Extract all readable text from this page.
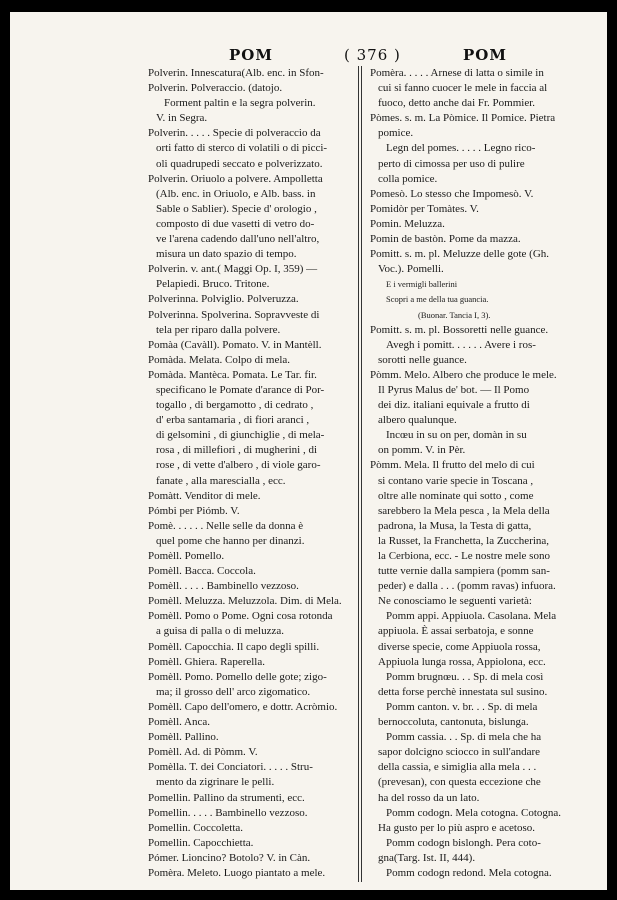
POM	( 376 )	POM
Polverin. Innescatura(Alb. enc. in Sfon-
Polverin. Polveraccio. (datojo.
Forment paltin e la segra polverin.
V. in Segra.
Polverin. . . . . Specie di polveraccio da
orti fatto di sterco di volatili o di picci-
oli quadrupedi seccato e polverizzato.
Polverin. Oriuolo a polvere. Ampolletta
(Alb. enc. in Oriuolo, e Alb. bass. in
Sable o Sablier). Specie d' orologio ,
composto di due vasetti di vetro do-
ve l'arena cadendo dall'uno nell'altro,
misura un dato spazio di tempo.
Polverin. v. ant.( Maggi Op. I, 359) —
Pelapiedi. Bruco. Tritone.
Polverinna. Polviglio. Polveruzza.
Polverinna. Spolverina. Sopravveste di
tela per riparo dalla polvere.
Pomàa (Cavàll). Pomato. V. in Mantèll.
Pomàda. Melata. Colpo di mela.
Pomàda. Mantèca. Pomata. Le Tar. fir.
specificano le Pomate d'arance di Por-
togallo , di bergamotto , di cedrato ,
d' erba santamaria , di fiori aranci ,
di gelsomini , di giunchiglie , di mela-
rosa , di millefiori , di mugherini , di
rose , di vette d'albero , di viole garo-
fanate , alla marescialla , ecc.
Pomàtt. Venditor di mele.
Pómbi per Piómb. V.
Pomè. . . . . . Nelle selle da donna è
quel pome che hanno per dinanzi.
Pomèll. Pomello.
Pomèll. Bacca. Coccola.
Pomèll. . . . . Bambinello vezzoso.
Pomèll. Meluzza. Meluzzola. Dim. di Mela.
Pomèll. Pomo o Pome. Ogni cosa rotonda
a guisa di palla o di meluzza.
Pomèll. Capocchia. Il capo degli spilli.
Pomèll. Ghiera. Raperella.
Pomèll. Pomo. Pomello delle gote; zigo-
ma; il grosso dell' arco zigomatico.
Pomèll. Capo dell'omero, e dottr. Acròmio.
Pomèll. Anca.
Pomèll. Pallino.
Pomèll. Ad. di Pòmm. V.
Pomèlla. T. dei Conciatori. . . . . Stru-
mento da zigrinare le pelli.
Pomellin. Pallino da strumenti, ecc.
Pomellin. . . . . Bambinello vezzoso.
Pomellin. Coccoletta.
Pomellin. Capocchietta.
Pómer. Lioncino? Botolo? V. in Càn.
Pomèra. Meleto. Luogo piantato a mele.
Pomèra. . . . . Arnese di latta o simile in
cui si fanno cuocer le mele in faccia al
fuoco, detto anche dai Fr. Pommier.
Pòmes. s. m. La Pòmice. Il Pomice. Pietra
pomice.
Legn del pomes. . . . . Legno rico-
perto di cimossa per uso di pulire
colla pomice.
Pomesò. Lo stesso che Impomesò. V.
Pomidòr per Tomàtes. V.
Pomin. Meluzza.
Pomin de bastòn. Pome da mazza.
Pomitt. s. m. pl. Meluzze delle gote (Gh.
Voc.). Pomelli.
E i vermigli ballerini
Scopri a me della tua guancia.
(Buonar. Tancia I, 3).
Pomitt. s. m. pl. Bossoretti nelle guance.
Avegh i pomitt. . . . . . Avere i ros-
sorotti nelle guance.
Pòmm. Melo. Albero che produce le mele.
Il Pyrus Malus de' bot. — Il Pomo
dei diz. italiani equivale a frutto di
albero qualunque.
Incœu in su on per, domàn in su
on pomm. V. in Pèr.
Pòmm. Mela. Il frutto del melo di cui
si contano varie specie in Toscana ,
oltre alle nominate qui sotto , come
sarebbero la Mela pesca , la Mela della
padrona, la Musa, la Testa di gatta,
la Russet, la Franchetta, la Zuccherina,
la Cerbiona, ecc. - Le nostre mele sono
tutte vernie dalla sampiera (pomm san-
peder) e dalla . . . (pomm ravas) infuora.
Ne conosciamo le seguenti varietà:
Pomm appi. Appiuola. Casolana. Mela
appiuola. È assai serbatoja, e sonne
diverse specie, come Appiuola rossa,
Appiuola lunga rossa, Appiolona, ecc.
Pomm brugnœu. . . Sp. di mela così
detta forse perchè innestata sul susino.
Pomm canton. v. br. . . Sp. di mela
bernoccoluta, cantonuta, bislunga.
Pomm cassia. . . Sp. di mela che ha
sapor dolcigno sciocco in sull'andare
della cassia, e simiglia alla mela . . .
(prevesan), con questa eccezione che
ha del rosso da un lato.
Pomm codogn. Mela cotogna. Cotogna.
Ha gusto per lo più aspro e acetoso.
Pomm codogn bislongh. Pera coto-
gna(Targ. Ist. II, 444).
Pomm codogn redond. Mela cotogna.
